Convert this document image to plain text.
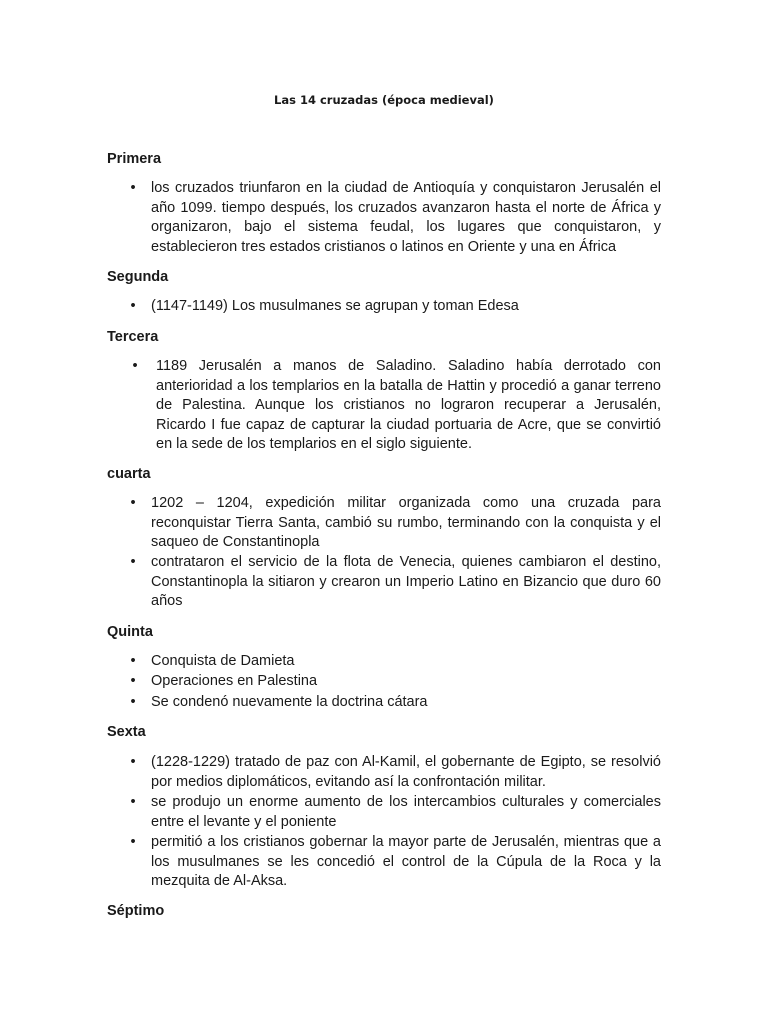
Las 14 cruzadas (época medieval)
Primera
• los cruzados triunfaron en la ciudad de Antioquía y conquistaron Jerusalén el año 1099. tiempo después, los cruzados avanzaron hasta el norte de África y organizaron, bajo el sistema feudal, los lugares que conquistaron, y establecieron tres estados cristianos o latinos en Oriente y una en África
Segunda
• (1147-1149) Los musulmanes se agrupan y toman Edesa
Tercera
• 1189 Jerusalén a manos de Saladino. Saladino había derrotado con anterioridad a los templarios en la batalla de Hattin y procedió a ganar terreno de Palestina. Aunque los cristianos no lograron recuperar a Jerusalén, Ricardo I fue capaz de capturar la ciudad portuaria de Acre, que se convirtió en la sede de los templarios en el siglo siguiente.
cuarta
• 1202 – 1204, expedición militar organizada como una cruzada para reconquistar Tierra Santa, cambió su rumbo, terminando con la conquista y el saqueo de Constantinopla
• contrataron el servicio de la flota de Venecia, quienes cambiaron el destino, Constantinopla la sitiaron y crearon un Imperio Latino en Bizancio que duro 60 años
Quinta
• Conquista de Damieta
• Operaciones en Palestina
• Se condenó nuevamente la doctrina cátara
Sexta
• (1228-1229) tratado de paz con Al-Kamil, el gobernante de Egipto, se resolvió por medios diplomáticos, evitando así la confrontación militar.
• se produjo un enorme aumento de los intercambios culturales y comerciales entre el levante y el poniente
• permitió a los cristianos gobernar la mayor parte de Jerusalén, mientras que a los musulmanes se les concedió el control de la Cúpula de la Roca y la mezquita de Al-Aksa.
Séptimo
